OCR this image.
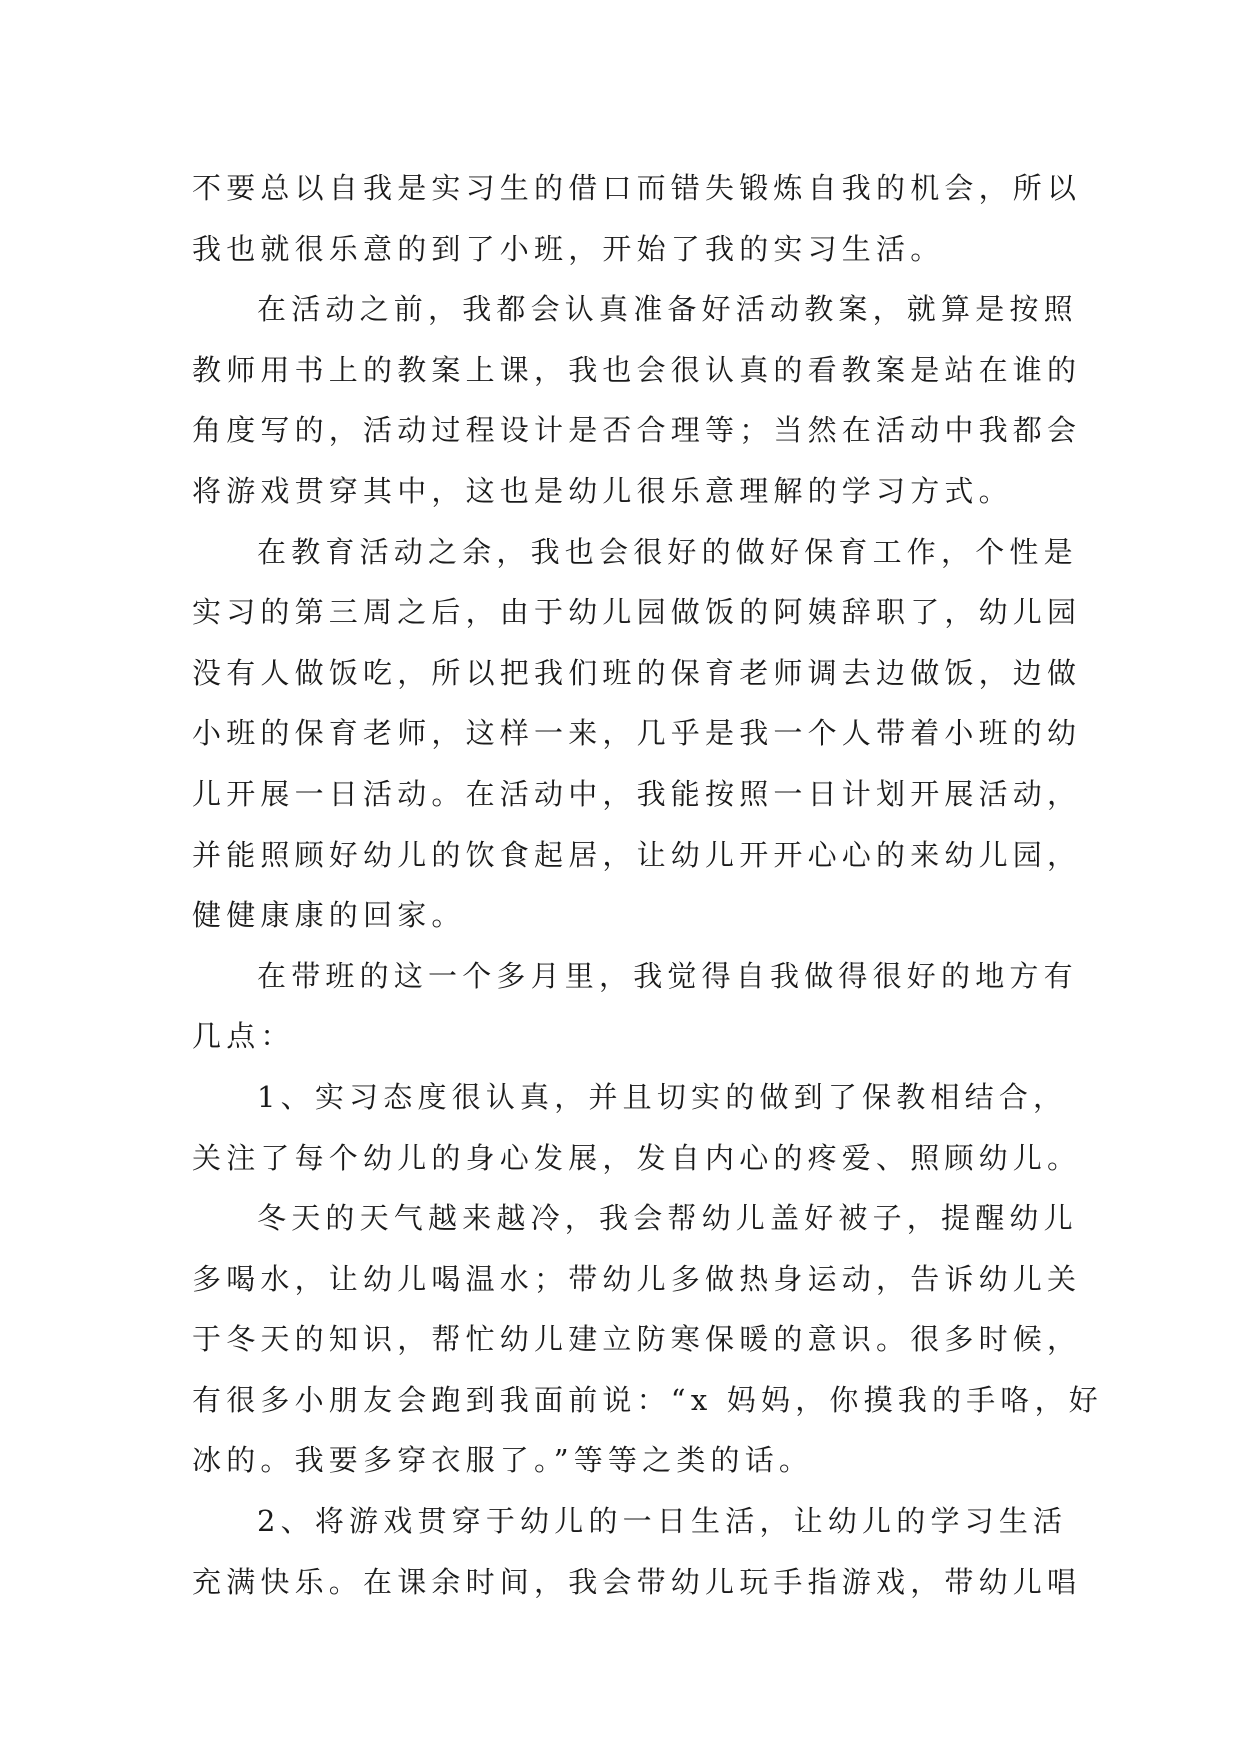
不要总以自我是实习生的借口而错失锻炼自我的机会，所以
我也就很乐意的到了小班，开始了我的实习生活。
在活动之前，我都会认真准备好活动教案，就算是按照
教师用书上的教案上课，我也会很认真的看教案是站在谁的
角度写的，活动过程设计是否合理等；当然在活动中我都会
将游戏贯穿其中，这也是幼儿很乐意理解的学习方式。
在教育活动之余，我也会很好的做好保育工作，个性是
实习的第三周之后，由于幼儿园做饭的阿姨辞职了，幼儿园
没有人做饭吃，所以把我们班的保育老师调去边做饭，边做
小班的保育老师，这样一来，几乎是我一个人带着小班的幼
儿开展一日活动。在活动中，我能按照一日计划开展活动，
并能照顾好幼儿的饮食起居，让幼儿开开心心的来幼儿园，
健健康康的回家。
在带班的这一个多月里，我觉得自我做得很好的地方有
几点：
1、实习态度很认真，并且切实的做到了保教相结合，
关注了每个幼儿的身心发展，发自内心的疼爱、照顾幼儿。
冬天的天气越来越冷，我会帮幼儿盖好被子，提醒幼儿
多喝水，让幼儿喝温水；带幼儿多做热身运动，告诉幼儿关
于冬天的知识，帮忙幼儿建立防寒保暖的意识。很多时候，
有很多小朋友会跑到我面前说：“x 妈妈，你摸我的手咯，好
冰的。我要多穿衣服了。”等等之类的话。
2、将游戏贯穿于幼儿的一日生活，让幼儿的学习生活
充满快乐。在课余时间，我会带幼儿玩手指游戏，带幼儿唱
